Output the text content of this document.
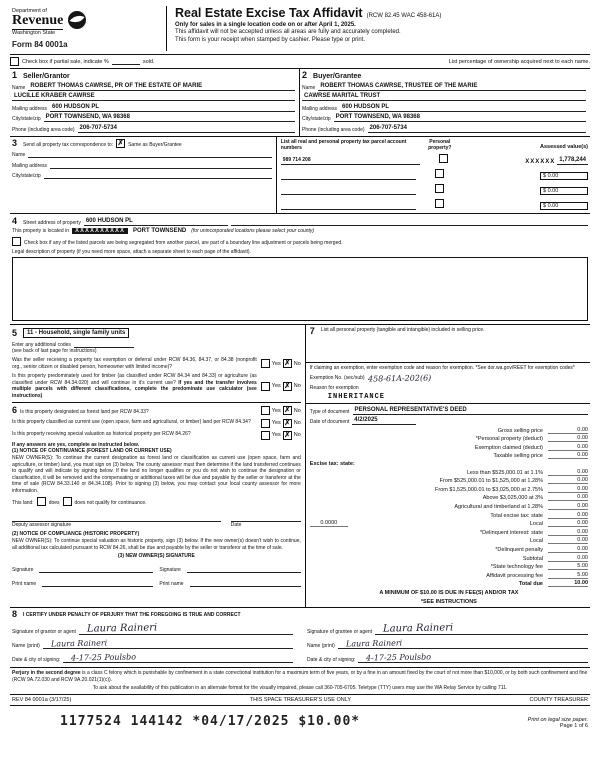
Department of
Revenue
Washington State
Form 84 0001a
Real Estate Excise Tax Affidavit (RCW 82.45 WAC 458-61A)
Only for sales in a single location code on or after April 1, 2025.
This affidavit will not be accepted unless all areas are fully and accurately completed.
This form is your receipt when stamped by cashier. Please type or print.
Check box if partial sale, indicate %	sold.	List percentage of ownership acquired next to each name.
1 Seller/Grantor
Name ROBERT THOMAS CAWRSE, PR OF THE ESTATE OF MARIE
LUCILLE KRABER CAWRSE
Mailing address 600 HUDSON PL
City/state/zip PORT TOWNSEND, WA 98368
Phone (including area code) 206-707-5734
2 Buyer/Grantee
Name ROBERT THOMAS CAWRSE, TRUSTEE OF THE MARIE
CAWRSE MARITAL TRUST
Mailing address 600 HUDSON PL
City/state/zip PORT TOWNSEND, WA 98368
Phone (including area code) 206-707-5734
3 Send all property tax correspondence to: ✗ Same as Buyer/Grantee
Name
Mailing address
City/state/zip
List all real and personal property tax parcel account numbers
Personal property?	Assessed value(s)
989 714 208	XXXXXX 1,778,244
$ 0.00
$ 0.00
$ 0.00
4 Street address of property 600 HUDSON PL
This property is located in	XXXXXXXXXX	PORT TOWNSEND	(for unincorporated locations please select your county)
Check box if any of the listed parcels are being segregated from another parcel, are part of a boundary line adjustment or parcels being merged.
Legal description of property (if you need more space, attach a separate sheet to each page of the affidavit).
5	11 - Household, single family units
Enter any additional codes
(see back of last page for instructions)
Was the seller receiving a property tax exemption or deferral under RCW 84.36, 84.37, or 84.38 (nonprofit org., senior citizen or disabled person, homeowner with limited income)?	Yes ✗ No
Is this property predominately used for timber (as classified under RCW 84.34 and 84.33) or agriculture (as classified under RCW 84.34.020) and will continue in it's current use? If yes and the transfer involves multiple parcels with different classifications, complete the predominate use calculator (see instructions)
Yes ✗ No
6 Is this property designated as forest land per RCW 84.33?	Yes ✗ No
Is this property classified as current use (open space, farm and agricultural, or timber) land per RCW 84.34?	Yes ✗ No
Is this property receiving special valuation as historical property per RCW 84.26?	Yes ✗ No
If any answers are yes, complete as instructed below.
(1) NOTICE OF CONTINUANCE (FOREST LAND OR CURRENT USE)
NEW OWNER(S): To continue the current designation as forest land or classification as current use (open space, farm and agriculture, or timber) land, you must sign on (3) below. The county assessor must then determine if the land transferred continues to qualify and will indicate by signing below. If the land no longer qualifies or you do not wish to continue the designation or classification, it will be removed and the compensating or additional taxes will be due and payable by the seller or transferor at the time of sale (RCW 84.33.140 or 84.34.108). Prior to signing (3) below, you may contact your local county assessor for more information.
This land:	does	does not qualify for continuance.
Deputy assessor signature	Date
(2) NOTICE OF COMPLIANCE (HISTORIC PROPERTY)
NEW OWNER(S): To continue special valuation as historic property, sign (3) below. If the new owner(s) doesn't wish to continue, all additional tax calculated pursuant to RCW 84.26, shall be due and payable by the seller or transferor at the time of sale.
(3) NEW OWNER(S) SIGNATURE
Signature	Signature
Print name	Print name
7 List all personal property (tangible and intangible) included in selling price.
If claiming an exemption, enter exemption code and reason for exemption. *See dor.wa.gov/REET for exemption codes*
Exemption No. (sec/sub) 458-61A-202(6)
Reason for exemption
INHERITANCE
Type of document PERSONAL REPRESENTATIVE'S DEED
Date of document 4/2/2025
Gross selling price	0.00
*Personal property (deduct)	0.00
Exemption claimed (deduct)	0.00
Taxable selling price	0.00
Excise tax: state:
Less than $525,000.01 at 1.1%	0.00
From $525,000.01 to $1,525,000 at 1.28%	0.00
From $1,525,000.01 to $3,025,000 at 2.75%	0.00
Above $3,025,000 at 3%	0.00
Agricultural and timberland at 1.28%	0.00
Total excise tax: state	0.00
0.0000	Local	0.00
*Delinquent interest: state	0.00
Local	0.00
*Delinquent penalty	0.00
Subtotal	0.00
*State technology fee	5.00
Affidavit processing fee	5.00
Total due	10.00
A MINIMUM OF $10.00 IS DUE IN FEE(S) AND/OR TAX
*SEE INSTRUCTIONS
8 I CERTIFY UNDER PENALTY OF PERJURY THAT THE FOREGOING IS TRUE AND CORRECT
Signature of grantor or agent Laura Raineri
Name (print) Laura Raineri
Date & city of signing: 4-17-25 Poulsbo
Signature of grantee or agent Laura Raineri
Name (print) Laura Raineri
Date & city of signing: 4-17-25 Poulsbo
Perjury in the second degree is a class C felony which is punishable by confinement in a state correctional institution for a maximum term of five years, or by a fine in an amount fixed by the court of not more than $10,000, or by both such confinement and fine (RCW 9A.72.030 and RCW 9A.20.021(1)(c)).
To ask about the availability of this publication in an alternate format for the visually impaired, please call 360-705-6705. Teletype (TTY) users may use the WA Relay Service by calling 711.
REV 84 0001a (3/17/25)	THIS SPACE TREASURER'S USE ONLY	COUNTY TREASURER
1177524 144142 *04/17/2025 $10.00*	Print on legal size paper.
Page 1 of 6
